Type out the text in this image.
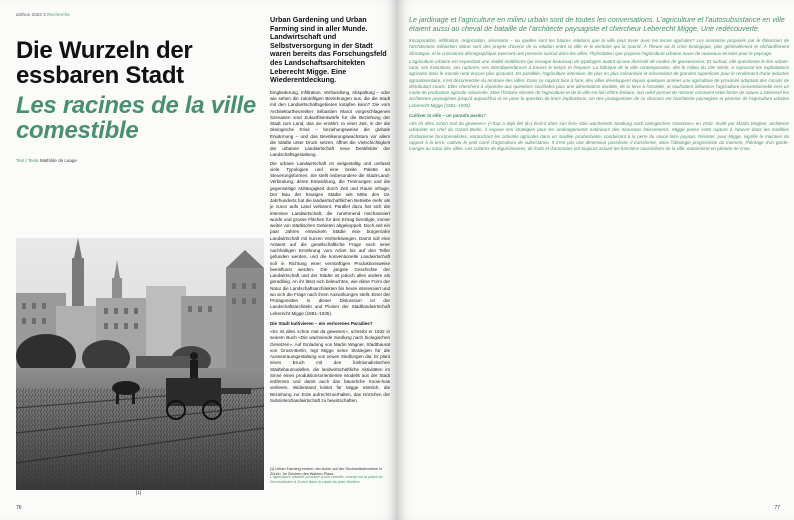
anthos 2023 3 Recherche
Die Wurzeln der essbaren Stadt
Les racines de la ville comestible
Text | Texte Mathilde de Laage
[1]
Urban Gardening und Urban Farming sind in aller Munde. Landwirtschaft und Selbstversorgung in der Stadt waren bereits das Forschungsfeld des Landschaftsarchitekten Leberecht Migge. Eine Wiederentdeckung.

Eingliederung, Infiltration, Verhandlung, Abspaltung – oder wie sehen die zukünftigen Beziehungen aus, die die Stadt mit den Landwirtschaftsgebieten knüpfen kann? Die vom Architekturtheoretiker Sébastien Marot vorgeschlagenen Szenarien sind Zukunftsentwürfe für die Beziehung der Stadt zum Land, das sie ernährt. In einer Zeit, in der die ökologische Krise – beziehungsweise die globale Erwärmung – und das Bevölkerungswachstum vor allem die Städte unter Druck setzen, öffnet die Vielschichtigkeit der urbanen Landwirtschaft neue Denkfelder der Landschaftsgestaltung.

Die urbane Landwirtschaft ist vielgestaltig und umfasst viele Typologien und eine breite Palette an Steuerungsformen. Sie stellt insbesondere die Stadt-Land-Verbindung, deren Entwicklung, die Trennungen und die gegenseitige Abhängigkeit durch Zeit und Raum infrage. Der Bau der heutigen Städte seit Mitte des 19. Jahrhunderts hat die landwirtschaftlichen Betriebe mehr als je zuvor aufs Land verbannt. Parallel dazu hat sich die intensive Landwirtschaft, die zunehmend mechanisiert wurde und grosse Flächen für den Ertrag benötigte, immer weiter von städtischen Gebieten abgekoppelt. Doch seit ein paar Jahren entwickeln Städte eine bürgernahe Landwirtschaft mit kurzen Vertriebswegen. Damit soll eine Antwort auf die gesellschaftliche Frage nach einer nachhaltigen Ernährung vom Acker bis auf den Teller gefunden werden, und die konventionelle Landwirtschaft soll in Richtung einer vernünftigen Produktionsweise beeinflusst werden. Die jüngste Geschichte der Landwirtschaft und der Städte ist jedoch alles andere als geradlinig. An ihr lässt sich beleuchten, wie diese Form der Natur die Landschaftsarchitekten bis heute interessiert und wo sich die Frage nach ihren Auswirkungen stellt. Einer der Protagonisten in dieser Diskussion ist der Landschaftsarchitekt und Pionier der Stadtlandwirtschaft Leberecht Migge (1881–1935).

Die Stadt kultivieren – ein verlorenes Paradies?

«Es ist alles schon mal da gewesen», schreibt er 1932 in seinem Buch «Die wachsende Siedlung nach biologischen Gesetzen». Auf Einladung von Martin Wagner, Stadtbaurat von Gross-Berlin, legt Migge seine Strategien für die Aussenraumgestaltung von neuen Siedlungen dar. Er plant einen Bruch mit den funktionalistischen Städtebaumodellen, die landwirtschaftliche Aktivitäten im Sinne eines produktionsorientierten Modells aus der Stadt entfernen und damit auch das bäuerliche Know-how verlieren. Widerstand leistet für Migge nämlich, die Beziehung zur Erde aufrechtzuerhalten, das Görtchen der Subsistenzlandwirtschaft zu bewirtschaften.

[1] Urban Farming extrem: der Acker auf der Sechseläutenwiese in Zürich. Im Zeichen des Wahlen-Plans.
L'agriculture urbaine poussée à son comble: champ sur la place du Sechseläuten à Zurich dans le cadre du plan Wahlen.
76
Le jardinage et l'agriculture en milieu urbain sont de toutes les conversations. L'agriculture et l'autosubsistance en ville étaient aussi au cheval de bataille de l'architecte paysagiste et chercheur Leberecht Migge. Une redécouverte.

Incorporation, infiltration, négociation, sécession – ou quelles sont les futures relations que la ville peut tisser avec les terres agricoles? Les scénarios proposés par le théoricien de l'architecture Sébastien Marot sont des projets d'avenir de la relation entre la ville et le territoire qui la nourrit. À l'heure où la crise écologique, plus généralement le réchauffement climatique, et la croissance démographique exercent une pression surtout dans les villes, l'hybridation que propose l'agriculture urbaine ouvre de nouveaux terrains pour le paysage.

L'agriculture urbaine est cependant une réalité multiforme qui recoupe beaucoup de typologies autant qu'une diversité de modes de gouvernance. Et surtout, elle questionne le lien urbain-rural, ses évolutions, ses ruptures, ses interdépendances à travers le temps et l'espace. La fabrique de la ville contemporaine, dès le milieu du 19e siècle, a repoussé les exploitations agricoles dans le monde rural encore plus qu'avant. En parallèle, l'agriculture intensive, de plus en plus mécanisée et nécessitant de grandes superficies pour le rendement d'une industrie agroalimentaire, s'est déconnectée du territoire des villes. Dans ce rapport face à face, des villes développent depuis quelques années une agriculture de proximité adoptant des circuits de distribution courts. Elles cherchent à répondre aux questions sociétales pour une alimentation durable, de la terre à l'assiette, et souhaitent influencer l'agriculture conventionnelle vers un mode de production agricole raisonnée. Mais l'histoire récente de l'agriculture et de la ville est loin d'être linéaire, son relief permet de retracer comment cette forme de nature a intéressé les architectes paysagistes jusqu'à aujourd'hui et se pose la question de leurs implications. Un des protagonistes de ce discours est l'architecte paysagiste et pionnier de l'agriculture urbaine Leberecht Migge (1881–1935).

Cultiver la ville – un paradis perdu?

«Es ist alles schon mal da gewesen» («Tout a déjà été là») écrit-il dans son livre «Die wachsende Siedlung nach biologischen Gesetzen» en 1932. Invité par Martin Wagner, architecte urbaniste en chef du Grand Berlin, il expose ses stratégies pour les aménagements extérieurs des nouveaux lotissements. Migge pense cette rupture à l'œuvre dans les modèles d'urbanisme fonctionnalistes, retranchant les activités agricoles dans un modèle productiviste, conduisant à la perte du savoir-faire paysan. Résister, pour Migge, signifie le maintien du rapport à la terre, cultiver le petit carré d'agriculture de subsistance. Il n'est pas une dimension passéiste: il transforme, dans l'idéologie progressiste du moment, l'héritage d'un garde-manger au cœur des villes. Les cultures de légumineuses, de fruits et d'aromates ont toujours assuré les fonctions nourricières de la ville, notamment en période de crise.

77
